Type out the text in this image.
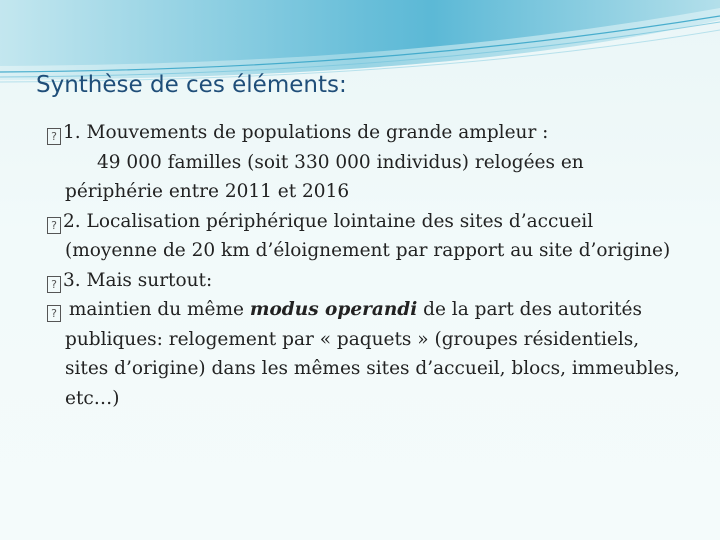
Synthèse de ces éléments:

? 1. Mouvements de populations de grande ampleur :

49 000 familles (soit 330 000 individus) relogées en périphérie entre 2011 et 2016

? 2. Localisation périphérique lointaine des sites d’accueil (moyenne de 20 km d’éloignement par rapport au site d’origine)

? 3. Mais surtout:

? maintien du même modus operandi de la part des autorités publiques: relogement par « paquets » (groupes résidentiels, sites d’origine) dans les mêmes sites d’accueil, blocs, immeubles, etc…)
